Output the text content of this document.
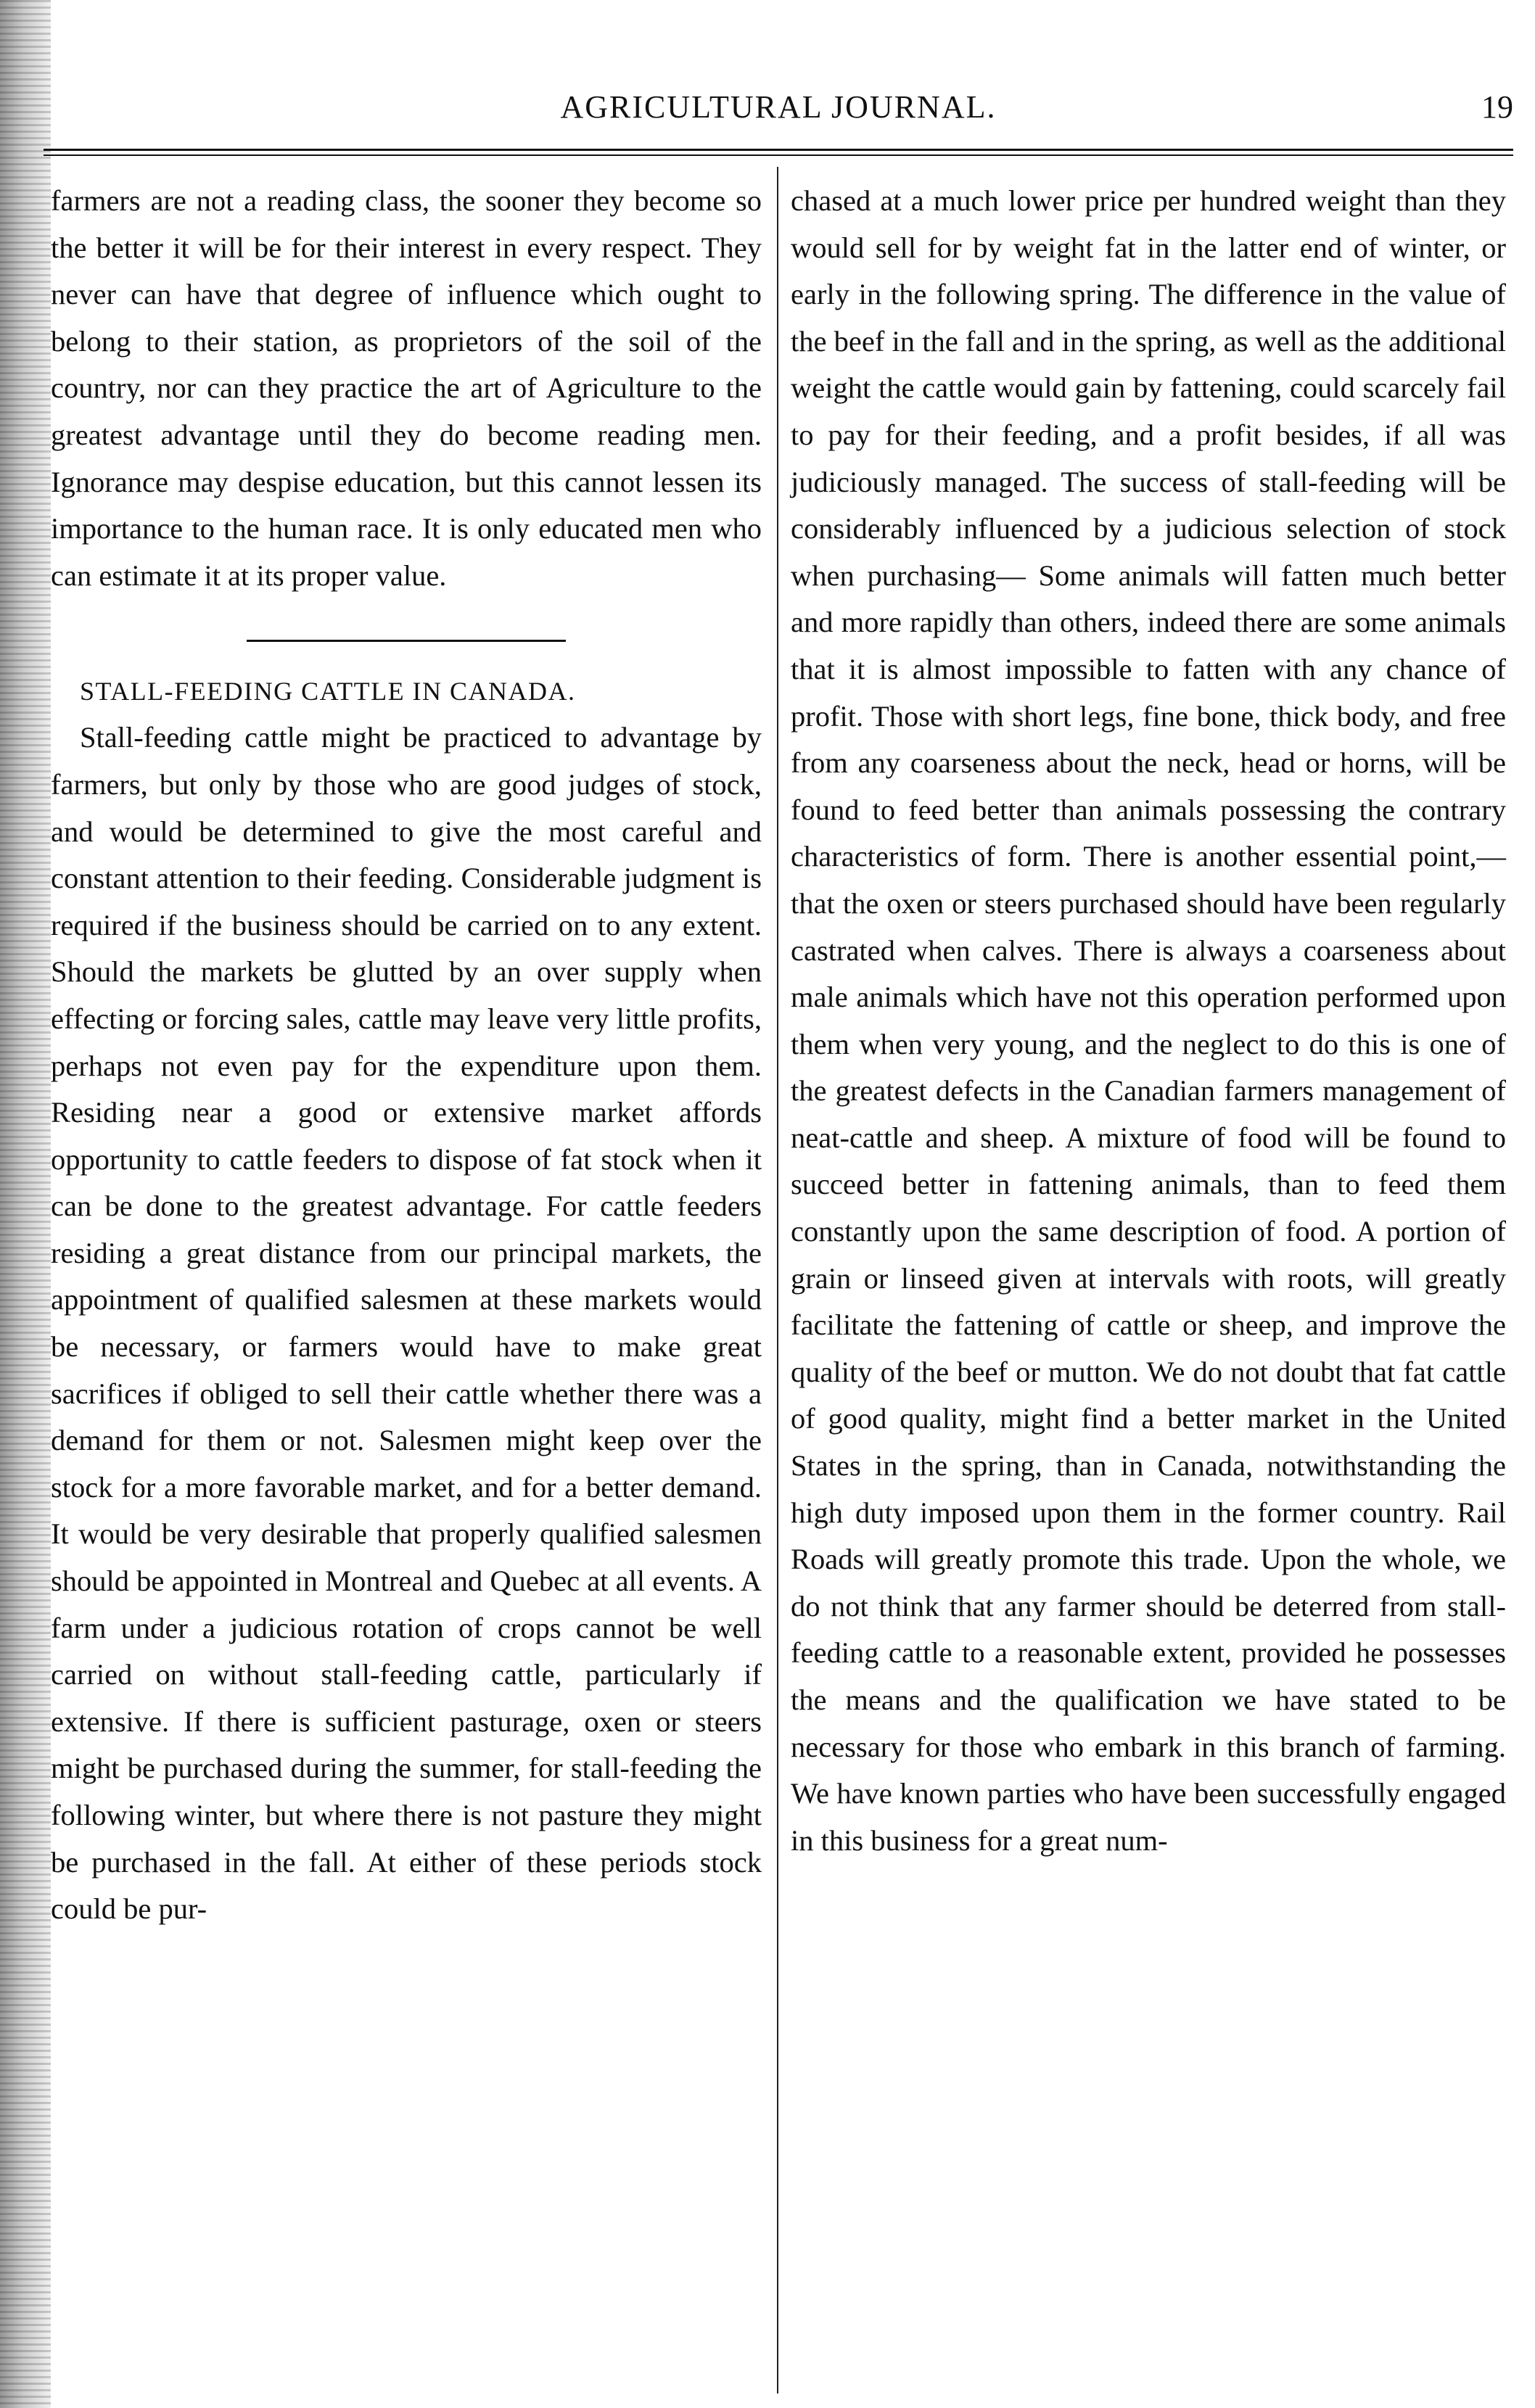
AGRICULTURAL JOURNAL.	19

farmers are not a reading class, the sooner they become so the better it will be for their interest in every respect. They never can have that degree of influence which ought to belong to their station, as proprietors of the soil of the country, nor can they practice the art of Agriculture to the greatest advantage until they do become reading men. Ignorance may despise education, but this cannot lessen its importance to the human race. It is only educated men who can estimate it at its proper value.

STALL-FEEDING CATTLE IN CANADA.

Stall-feeding cattle might be practiced to advantage by farmers, but only by those who are good judges of stock, and would be determined to give the most careful and constant attention to their feeding. Considerable judgment is required if the business should be carried on to any extent. Should the markets be glutted by an over supply when effecting or forcing sales, cattle may leave very little profits, perhaps not even pay for the expenditure upon them. Residing near a good or extensive market affords opportunity to cattle feeders to dispose of fat stock when it can be done to the greatest advantage. For cattle feeders residing a great distance from our principal markets, the appointment of qualified salesmen at these markets would be necessary, or farmers would have to make great sacrifices if obliged to sell their cattle whether there was a demand for them or not. Salesmen might keep over the stock for a more favorable market, and for a better demand. It would be very desirable that properly qualified salesmen should be appointed in Montreal and Quebec at all events. A farm under a judicious rotation of crops cannot be well carried on without stall-feeding cattle, particularly if extensive. If there is sufficient pasturage, oxen or steers might be purchased during the summer, for stall-feeding the following winter, but where there is not pasture they might be purchased in the fall. At either of these periods stock could be pur-

chased at a much lower price per hundred weight than they would sell for by weight fat in the latter end of winter, or early in the following spring. The difference in the value of the beef in the fall and in the spring, as well as the additional weight the cattle would gain by fattening, could scarcely fail to pay for their feeding, and a profit besides, if all was judiciously managed. The success of stall-feeding will be considerably influenced by a judicious selection of stock when purchasing— Some animals will fatten much better and more rapidly than others, indeed there are some animals that it is almost impossible to fatten with any chance of profit. Those with short legs, fine bone, thick body, and free from any coarseness about the neck, head or horns, will be found to feed better than animals possessing the contrary characteristics of form. There is another essential point,— that the oxen or steers purchased should have been regularly castrated when calves. There is always a coarseness about male animals which have not this operation performed upon them when very young, and the neglect to do this is one of the greatest defects in the Canadian farmers management of neat-cattle and sheep. A mixture of food will be found to succeed better in fattening animals, than to feed them constantly upon the same description of food. A portion of grain or linseed given at intervals with roots, will greatly facilitate the fattening of cattle or sheep, and improve the quality of the beef or mutton. We do not doubt that fat cattle of good quality, might find a better market in the United States in the spring, than in Canada, notwithstanding the high duty imposed upon them in the former country. Rail Roads will greatly promote this trade. Upon the whole, we do not think that any farmer should be deterred from stall-feeding cattle to a reasonable extent, provided he possesses the means and the qualification we have stated to be necessary for those who embark in this branch of farming. We have known parties who have been successfully engaged in this business for a great num-
